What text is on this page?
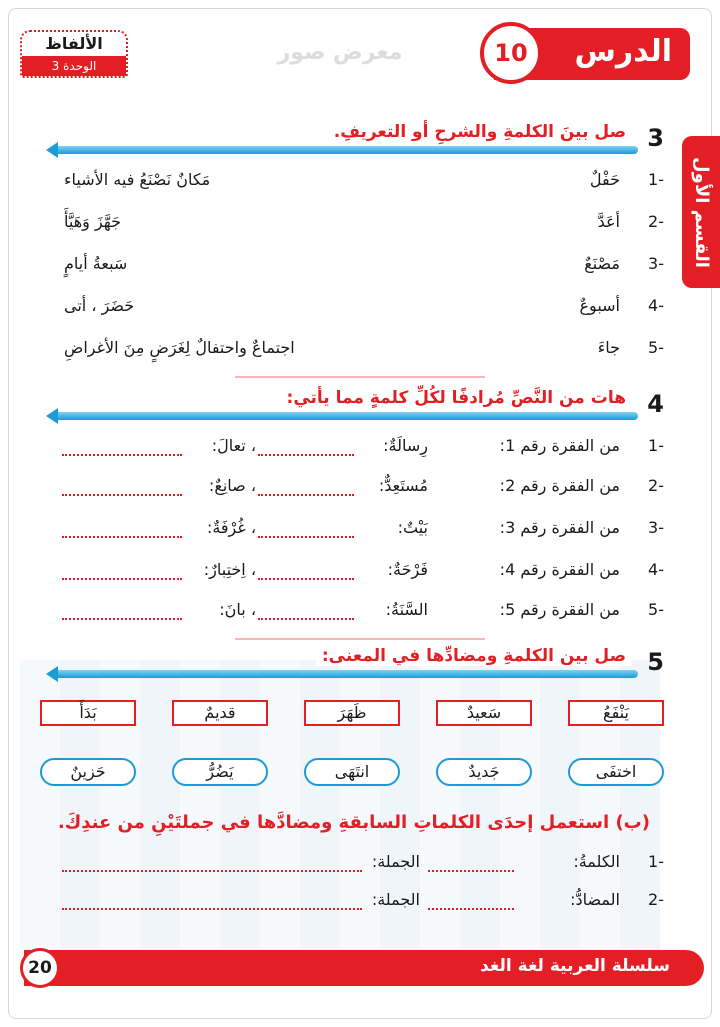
الدرس
10
معرض صور
الألفاظ
الوحدة 3
القسم الأول
3
صل بينَ الكلمةِ والشرحِ أو التعريفِ.
1-
حَفْلٌ
مَكانٌ نَصْنَعُ فيه الأشياء
2-
أعَدَّ
جَهَّزَ وَهَيَّأَ
3-
مَصْنَعٌ
سَبعةُ أيامٍ
4-
أسبوعٌ
حَضَرَ ، أتى
5-
جاءَ
اجتماعٌ واحتفالٌ لِغَرَضٍ مِنَ الأغراضِ
4
هات من النَّصِّ مُرادفًا لكُلِّ كلمةٍ مما يأتي:
1-
من الفقرة رقم 1:
رِسالَةٌ:
، تعالَ:
2-
من الفقرة رقم 2:
مُستَعِدٌّ:
، صانِعٌ:
3-
من الفقرة رقم 3:
بَيْتٌ:
، غُرْفَةٌ:
4-
من الفقرة رقم 4:
فَرْحَةٌ:
، اِختِبارٌ:
5-
من الفقرة رقم 5:
السَّنَةُ:
، بانَ:
5
صل بين الكلمةِ ومضادِّها في المعنى:
يَنْفَعُ
سَعيدٌ
ظَهَرَ
قديمٌ
بَدَأَ
اختفَى
جَديدٌ
انتَهَى
يَضُرُّ
حَزينٌ
(ب) استعمل إحدَى الكلماتِ السابقةِ ومضادَّها في جملتَيْنِ من عندِكَ.
1-
الكلمةُ:
الجملة:
2-
المضادُّ:
الجملة:
سلسلة العربية لغة الغد
20
